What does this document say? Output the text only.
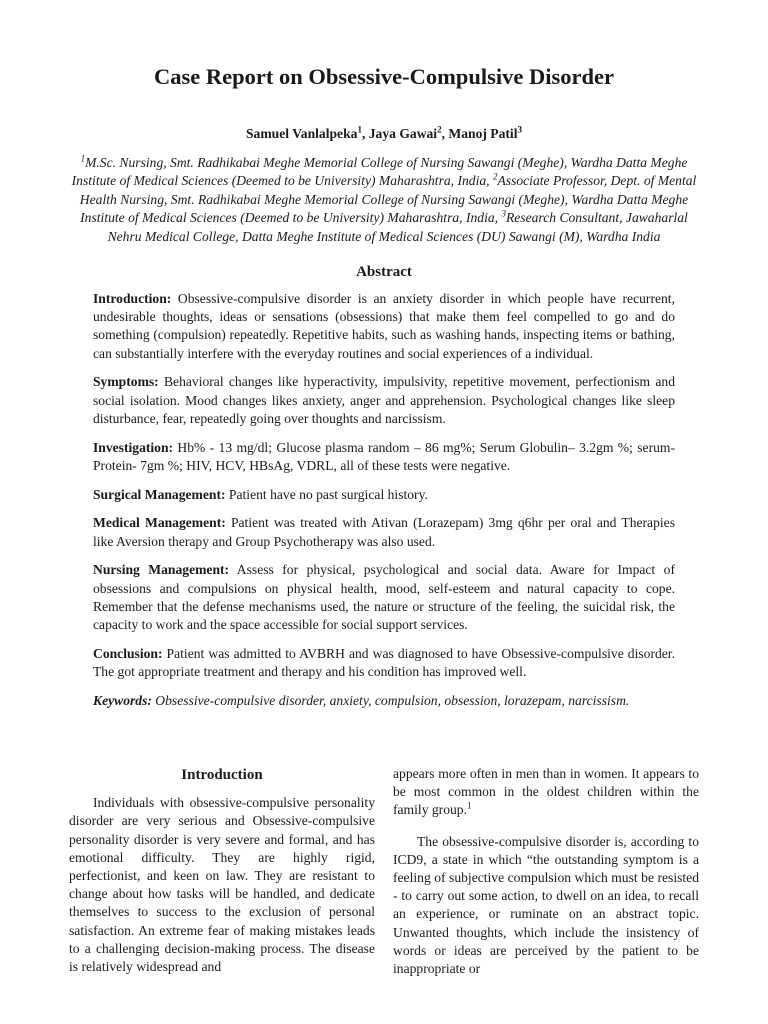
Case Report on Obsessive-Compulsive Disorder

Samuel Vanlalpeka$^1$, Jaya Gawai$^2$, Manoj Patil$^3$

$^1$M.Sc. Nursing, Smt. Radhikabai Meghe Memorial College of Nursing Sawangi (Meghe), Wardha Datta Meghe Institute of Medical Sciences (Deemed to be University) Maharashtra, India, $^2$Associate Professor, Dept. of Mental Health Nursing, Smt. Radhikabai Meghe Memorial College of Nursing Sawangi (Meghe), Wardha Datta Meghe Institute of Medical Sciences (Deemed to be University) Maharashtra, India, $^3$Research Consultant, Jawaharlal Nehru Medical College, Datta Meghe Institute of Medical Sciences (DU) Sawangi (M), Wardha India

Abstract

Introduction: Obsessive-compulsive disorder is an anxiety disorder in which people have recurrent, undesirable thoughts, ideas or sensations (obsessions) that make them feel compelled to go and do something (compulsion) repeatedly. Repetitive habits, such as washing hands, inspecting items or bathing, can substantially interfere with the everyday routines and social experiences of a individual.

Symptoms: Behavioral changes like hyperactivity, impulsivity, repetitive movement, perfectionism and social isolation. Mood changes likes anxiety, anger and apprehension. Psychological changes like sleep disturbance, fear, repeatedly going over thoughts and narcissism.

Investigation: Hb% - 13 mg/dl; Glucose plasma random – 86 mg%; Serum Globulin– 3.2gm %; serum-Protein- 7gm %; HIV, HCV, HBsAg, VDRL, all of these tests were negative.

Surgical Management: Patient have no past surgical history.

Medical Management: Patient was treated with Ativan (Lorazepam) 3mg q6hr per oral and Therapies like Aversion therapy and Group Psychotherapy was also used.

Nursing Management: Assess for physical, psychological and social data. Aware for Impact of obsessions and compulsions on physical health, mood, self-esteem and natural capacity to cope. Remember that the defense mechanisms used, the nature or structure of the feeling, the suicidal risk, the capacity to work and the space accessible for social support services.

Conclusion: Patient was admitted to AVBRH and was diagnosed to have Obsessive-compulsive disorder. The got appropriate treatment and therapy and his condition has improved well.

Keywords: Obsessive-compulsive disorder, anxiety, compulsion, obsession, lorazepam, narcissism.

Introduction

Individuals with obsessive-compulsive personality disorder are very serious and Obsessive-compulsive personality disorder is very severe and formal, and has emotional difficulty. They are highly rigid, perfectionist, and keen on law. They are resistant to change about how tasks will be handled, and dedicate themselves to success to the exclusion of personal satisfaction. An extreme fear of making mistakes leads to a challenging decision-making process. The disease is relatively widespread and

appears more often in men than in women. It appears to be most common in the oldest children within the family group.$^1$

The obsessive-compulsive disorder is, according to ICD9, a state in which “the outstanding symptom is a feeling of subjective compulsion which must be resisted - to carry out some action, to dwell on an idea, to recall an experience, or ruminate on an abstract topic. Unwanted thoughts, which include the insistency of words or ideas are perceived by the patient to be inappropriate or
